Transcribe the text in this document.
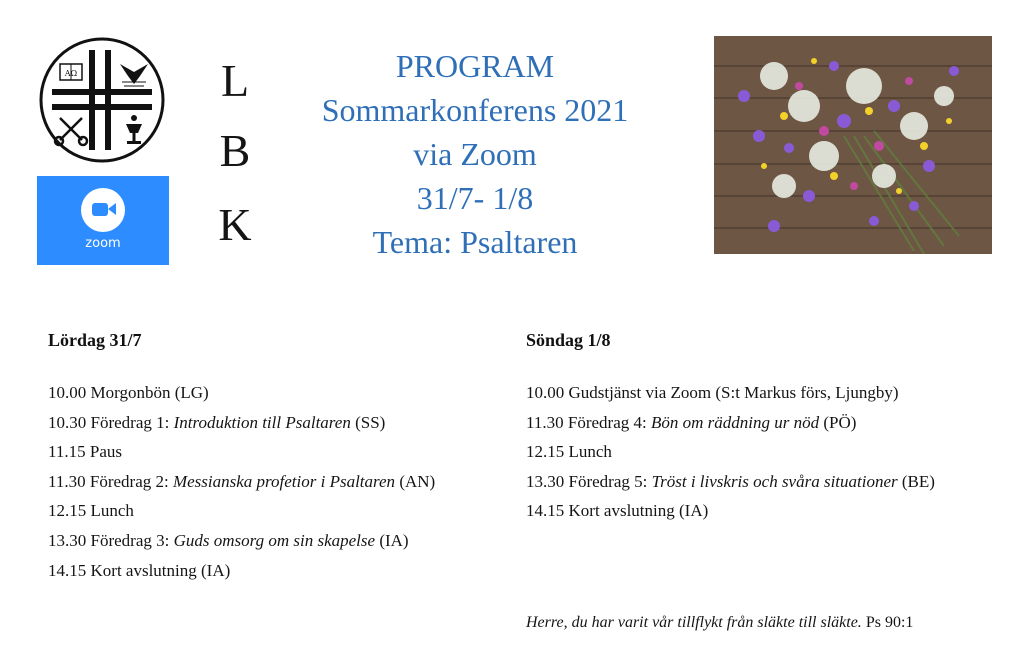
ΑΩ
zoom
L
B
K
PROGRAM
Sommarkonferens 2021
via Zoom
31/7- 1/8
Tema: Psaltaren
Lördag 31/7
10.00 Morgonbön (LG)
10.30 Föredrag 1: Introduktion till Psaltaren (SS)
11.15 Paus
11.30 Föredrag 2: Messianska profetior i Psaltaren (AN)
12.15 Lunch
13.30 Föredrag 3: Guds omsorg om sin skapelse (IA)
14.15 Kort avslutning (IA)
Söndag 1/8
10.00 Gudstjänst via Zoom (S:t Markus förs, Ljungby)
11.30 Föredrag 4: Bön om räddning ur nöd (PÖ)
12.15 Lunch
13.30 Föredrag 5: Tröst i livskris och svåra situationer (BE)
14.15 Kort avslutning (IA)
Herre, du har varit vår tillflykt från släkte till släkte. Ps 90:1
